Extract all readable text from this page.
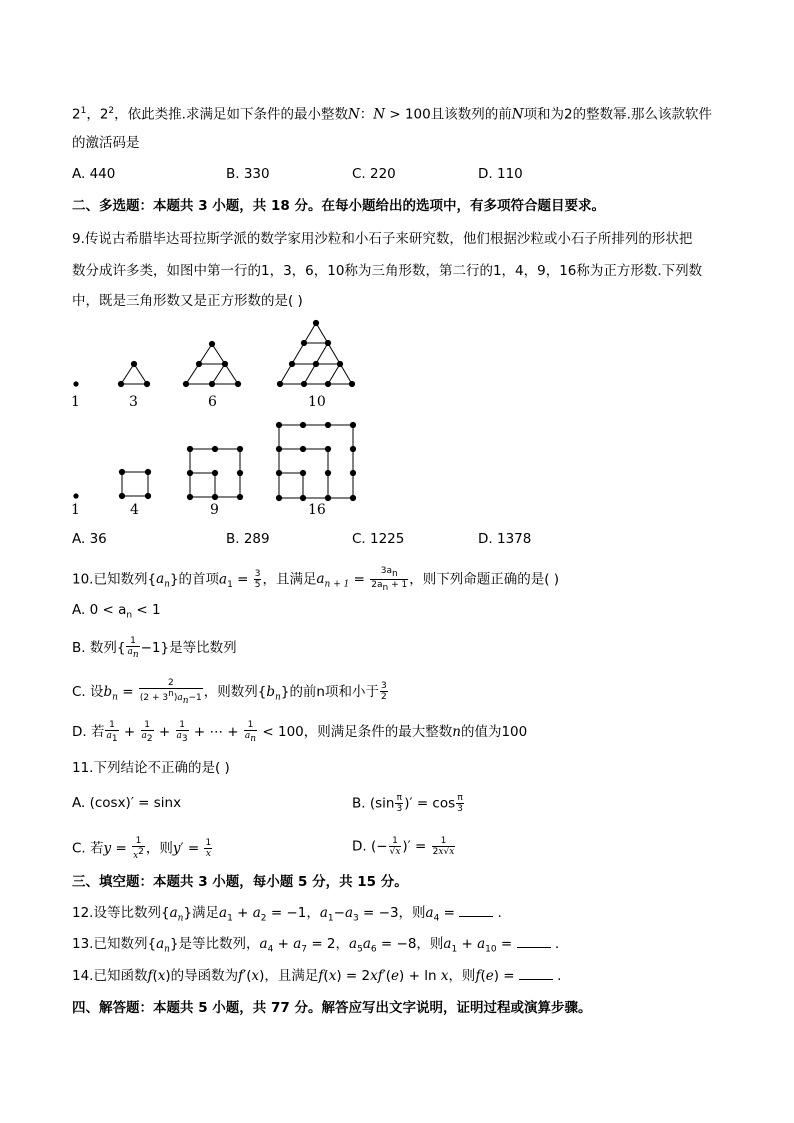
$2^1$，$2^2$，依此类推.求满足如下条件的最小整数N：N > 100且该数列的前N项和为2的整数幂.那么该款软件
的激活码是
A. 440	B. 330	C. 220	D. 110
二、多选题：本题共 3 小题，共 18 分。在每小题给出的选项中，有多项符合题目要求。
9.传说古希腊毕达哥拉斯学派的数学家用沙粒和小石子来研究数，他们根据沙粒或小石子所排列的形状把
数分成许多类，如图中第一行的1，3，6，10称为三角形数，第二行的1，4，9，16称为正方形数.下列数
中，既是三角形数又是正方形数的是( )
1	3	6	10
1	4	9	16
A. 36	B. 289	C. 1225	D. 1378
10.已知数列$\{a_n\}$的首项$a_1 = \frac{3}{5}$ ，且满足$a_{n + 1} = \frac{3a_n}{2a_n + 1}$ ，则下列命题正确的是( )
A. $0 < a_n < 1$
B. 数列{ $\frac{1}{a_n} -1$}是等比数列
C. 设$b_n = \frac{2}{(2 + 3^n)a_n-1}$ ，则数列$\{b_n\}$的前n项和小于 $\frac{3}{2}$
D. 若 $\frac{1}{a_1} + \frac{1}{a_2} + \frac{1}{a_3}$ + ⋯ + $\frac{1}{a_n} < 100$，则满足条件的最大整数n的值为100
11.下列结论不正确的是( )
A. (cosx)′ = sinx	B. ($\sin \frac{\pi}{3}$ )′ = $\cos \frac{\pi}{3}$
C. 若$y = \frac{1}{x^2}$ ，则$y' = \frac{1}{x}$	D. (− $\frac{1}{√x}$ )′ = $\frac{1}{2x√x}$
三、填空题：本题共 3 小题，每小题 5 分，共 15 分。
12.设等比数列$\{a_n\}$满足$a_1 + a_2 = -1$，$a_1-a_3 = -3$，则$a_4$ =	.
13.已知数列$\{a_n\}$是等比数列，$a_4 + a_7 = 2$，$a_5a_6 = -8$，则$a_1 + a_{10}$ =	.
14.已知函数f(x)的导函数为f′(x)，且满足f(x) = 2xf′(e) + ln x，则f(e) =	.
四、解答题：本题共 5 小题，共 77 分。解答应写出文字说明，证明过程或演算步骤。
